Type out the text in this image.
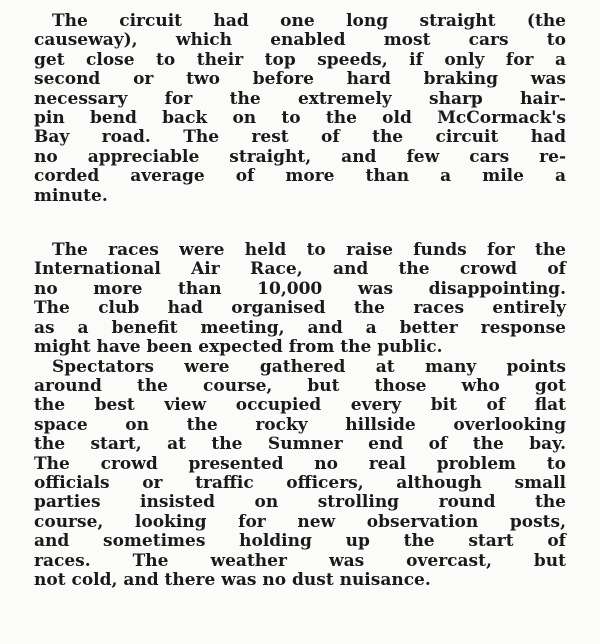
The circuit had one long straight (the
causeway), which enabled most cars to
get close to their top speeds, if only for a
second or two before hard braking was
necessary for the extremely sharp hair-
pin bend back on to the old McCormack's
Bay road. The rest of the circuit had
no appreciable straight, and few cars re-
corded average of more than a mile a
minute.
The races were held to raise funds for the
International Air Race, and the crowd of
no more than 10,000 was disappointing.
The club had organised the races entirely
as a benefit meeting, and a better response
might have been expected from the public.
Spectators were gathered at many points
around the course, but those who got
the best view occupied every bit of flat
space on the rocky hillside overlooking
the start, at the Sumner end of the bay.
The crowd presented no real problem to
officials or traffic officers, although small
parties insisted on strolling round the
course, looking for new observation posts,
and sometimes holding up the start of
races. The weather was overcast, but
not cold, and there was no dust nuisance.
